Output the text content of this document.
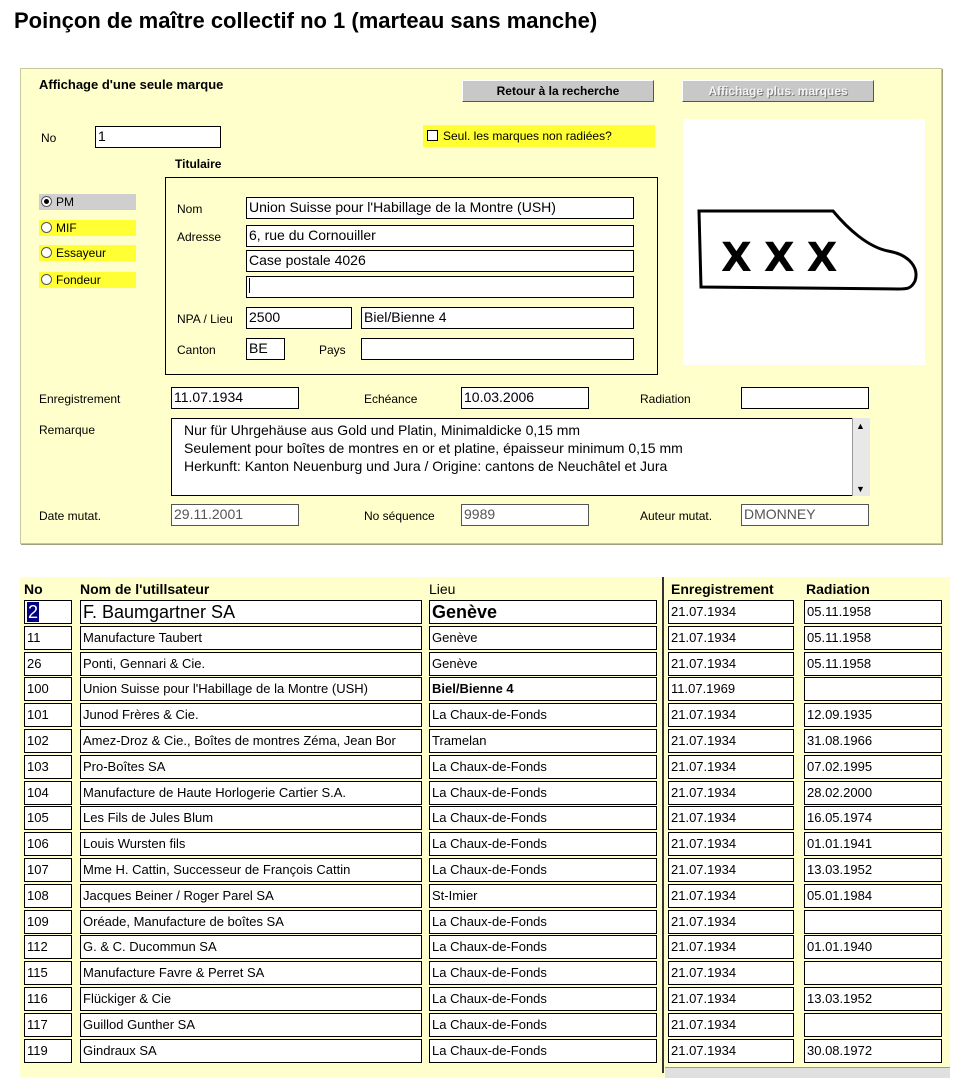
Poinçon de maître collectif no 1 (marteau sans manche)
Affichage d'une seule marque	Retour à la recherche	Affichage plus. marques
No	1	Seul. les marques non radiées?
Titulaire
PM
MIF
Essayeur
Fondeur
Nom	Union Suisse pour l'Habillage de la Montre (USH)
Adresse 6, rue du Cornouiller
Case postale 4026
NPA / Lieu 2500	Biel/Bienne 4
Canton BE	Pays
XXX
Enregistrement	11.07.1934	Echéance	10.03.2006	Radiation
Remarque	Nur für Uhrgehäuse aus Gold und Platin, Minimaldicke 0,15 mm
Seulement pour boîtes de montres en or et platine, épaisseur minimum 0,15 mm
Herkunft: Kanton Neuenburg und Jura / Origine: cantons de Neuchâtel et Jura
▲
▼
Date mutat.	29.11.2001	No séquence 9989	Auteur mutat. DMONNEY
No	Nom de l'utillsateur	Lieu	Enregistrement Radiation
2	F. Baumgartner SA	Genève	21.07.1934	05.11.1958
11	Manufacture Taubert	Genève	21.07.1934	05.11.1958
26	Ponti, Gennari & Cie.	Genève	21.07.1934	05.11.1958
100	Union Suisse pour l'Habillage de la Montre (USH)	Biel/Bienne 4	11.07.1969
101	Junod Frères & Cie.	La Chaux-de-Fonds	21.07.1934	12.09.1935
102	Amez-Droz & Cie., Boîtes de montres Zéma, Jean Bor	Tramelan	21.07.1934	31.08.1966
103	Pro-Boîtes SA	La Chaux-de-Fonds	21.07.1934	07.02.1995
104	Manufacture de Haute Horlogerie Cartier S.A.	La Chaux-de-Fonds	21.07.1934	28.02.2000
105	Les Fils de Jules Blum	La Chaux-de-Fonds	21.07.1934	16.05.1974
106	Louis Wursten fils	La Chaux-de-Fonds	21.07.1934	01.01.1941
107	Mme H. Cattin, Successeur de François Cattin	La Chaux-de-Fonds	21.07.1934	13.03.1952
108	Jacques Beiner / Roger Parel SA	St-Imier	21.07.1934	05.01.1984
109	Oréade, Manufacture de boîtes SA	La Chaux-de-Fonds	21.07.1934
112	G. & C. Ducommun SA	La Chaux-de-Fonds	21.07.1934	01.01.1940
115	Manufacture Favre & Perret SA	La Chaux-de-Fonds	21.07.1934
116	Flückiger & Cie	La Chaux-de-Fonds	21.07.1934	13.03.1952
117	Guillod Gunther SA	La Chaux-de-Fonds	21.07.1934
119	Gindraux SA	La Chaux-de-Fonds	21.07.1934	30.08.1972
